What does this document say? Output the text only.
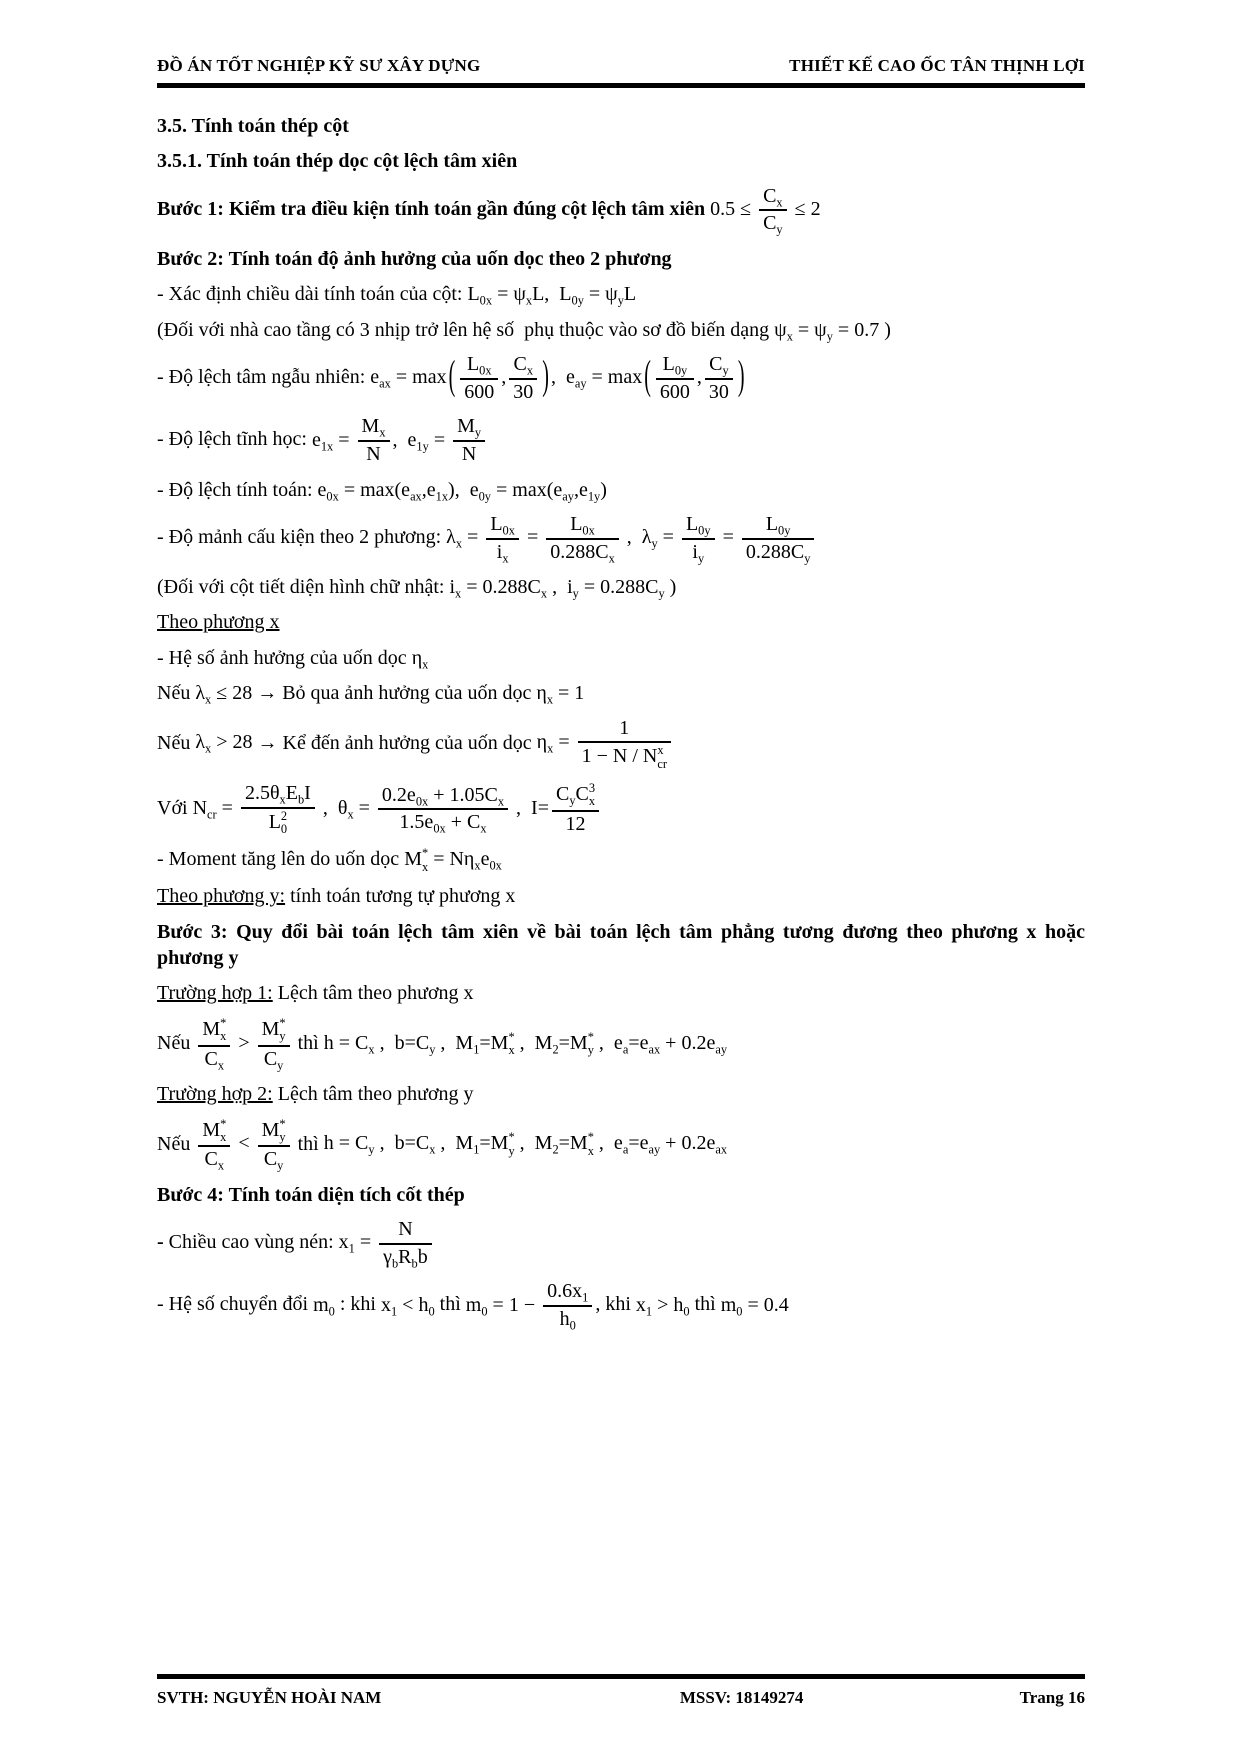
ĐỒ ÁN TỐT NGHIỆP KỸ SƯ XÂY DỰNG	THIẾT KẾ CAO ỐC TÂN THỊNH LỢI
3.5. Tính toán thép cột
3.5.1. Tính toán thép dọc cột lệch tâm xiên
Bước 1: Kiểm tra điều kiện tính toán gần đúng cột lệch tâm xiên $0.5 \le \frac{C_x}{C_y} \le 2$
Bước 2: Tính toán độ ảnh hưởng của uốn dọc theo 2 phương
- Xác định chiều dài tính toán của cột: $L_{0x} = \psi_xL$,  $L_{0y} = \psi_yL$
(Đối với nhà cao tầng có 3 nhịp trở lên hệ số  phụ thuộc vào sơ đồ biến dạng $\psi_x = \psi_y = 0.7$ )
- Độ lệch tâm ngẫu nhiên: $e_{ax} = \max$ ( $\frac{L_{0x}}{600}$ , $\frac{C_x}{30}$ ) ,  $e_{ay} = \max$ ( $\frac{L_{0y}}{600}$ , $\frac{C_y}{30}$ )
- Độ lệch tĩnh học: $e_{1x} = \frac{M_x}{N}$ ,  $e_{1y} = \frac{M_y}{N}$
- Độ lệch tính toán: $e_{0x} = \max(e_{ax},e_{1x})$,  $e_{0y} = \max(e_{ay},e_{1y})$
- Độ mảnh cấu kiện theo 2 phương: $\lambda_x = \frac{L_{0x}}{i_x} = \frac{L_{0x}}{0.288C_x}$ ,  $\lambda_y = \frac{L_{0y}}{i_y} = \frac{L_{0y}}{0.288C_y}$
(Đối với cột tiết diện hình chữ nhật: $i_x = 0.288C_x$ ,  $i_y = 0.288C_y$ )
Theo phương x
- Hệ số ảnh hưởng của uốn dọc $\eta_x$
Nếu $\lambda_x \le 28$ → Bỏ qua ảnh hưởng của uốn dọc $\eta_x = 1$
Nếu $\lambda_x > 28$ → Kể đến ảnh hưởng của uốn dọc $\eta_x = 1$
1 − N / N x
cr
Với $N_{cr} = 2.5\theta_xE_bI$
L 2
0 ,  $\theta_x = \frac{0.2e_{0x} + 1.05C_x}{1.5e_{0x} + C_x}$ ,  $I= C_yC$ 3
x
12
- Moment tăng lên do uốn dọc M *
$x = N\eta_xe_{0x}$
Theo phương y: tính toán tương tự phương x
Bước 3: Quy đổi bài toán lệch tâm xiên về bài toán lệch tâm phẳng tương đương theo phương x hoặc phương y
Trường hợp 1: Lệch tâm theo phương x
Nếu M *
x
$C_x > M$ *
y
$C_y$ thì $h = C_x$ ,  $b=C_y$ ,  $M_1=M$ *
x ,  $M_2=M$ *
y ,  $e_a=e_{ax} + 0.2e_{ay}$
Trường hợp 2: Lệch tâm theo phương y
Nếu M *
x
$C_x < M$ *
y
$C_y$ thì $h = C_y$ ,  $b=C_x$ ,  $M_1=M$ *
y ,  $M_2=M$ *
x ,  $e_a=e_{ay} + 0.2e_{ax}$
Bước 4: Tính toán diện tích cốt thép
- Chiều cao vùng nén: $x_1 = \frac{N}{\gamma_bR_bb}$
- Hệ số chuyển đổi $m_0$ : khi $x_1 < h_0$ thì $m_0 = 1 - \frac{0.6x_1}{h_0}$ , khi $x_1 > h_0$ thì $m_0 = 0.4$
SVTH: NGUYỄN HOÀI NAM	MSSV: 18149274	Trang 16
